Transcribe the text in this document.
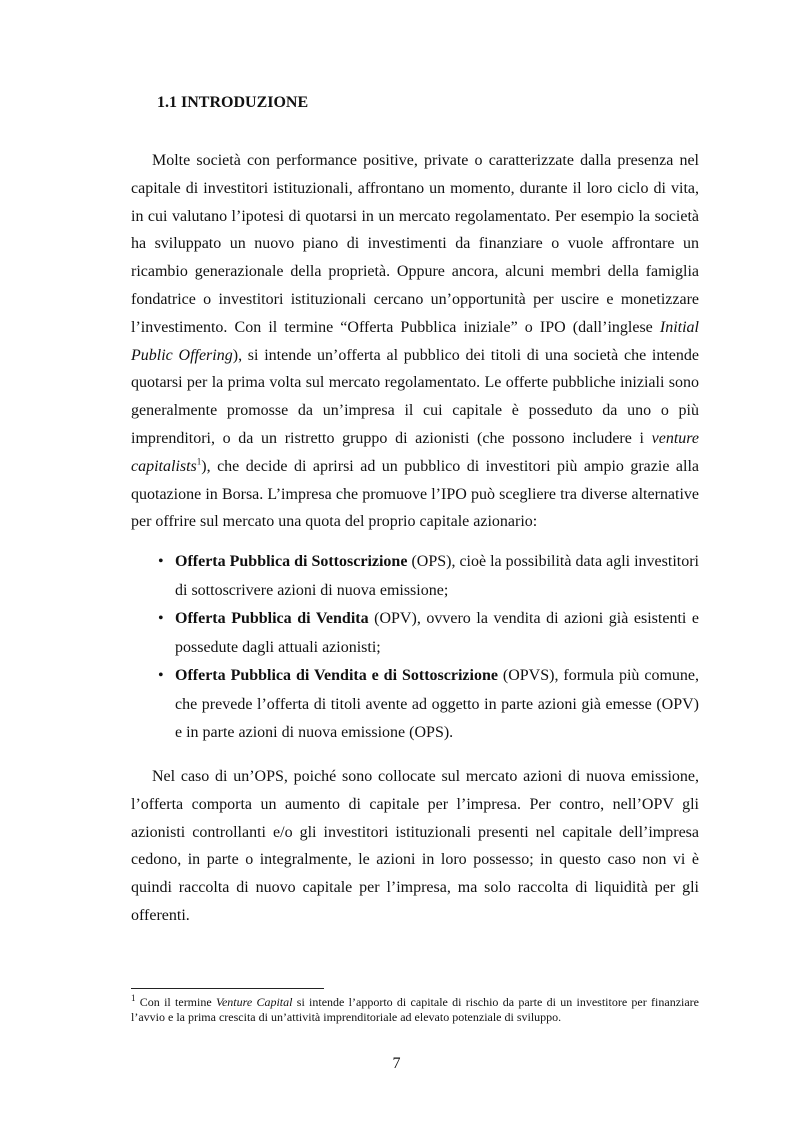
1.1 INTRODUZIONE

Molte società con performance positive, private o caratterizzate dalla presenza nel capitale di investitori istituzionali, affrontano un momento, durante il loro ciclo di vita, in cui valutano l’ipotesi di quotarsi in un mercato regolamentato. Per esempio la società ha sviluppato un nuovo piano di investimenti da finanziare o vuole affrontare un ricambio generazionale della proprietà. Oppure ancora, alcuni membri della famiglia fondatrice o investitori istituzionali cercano un’opportunità per uscire e monetizzare l’investimento. Con il termine “Offerta Pubblica iniziale” o IPO (dall’inglese Initial Public Offering), si intende un’offerta al pubblico dei titoli di una società che intende quotarsi per la prima volta sul mercato regolamentato. Le offerte pubbliche iniziali sono generalmente promosse da un’impresa il cui capitale è posseduto da uno o più imprenditori, o da un ristretto gruppo di azionisti (che possono includere i venture capitalists$^1$), che decide di aprirsi ad un pubblico di investitori più ampio grazie alla quotazione in Borsa. L’impresa che promuove l’IPO può scegliere tra diverse alternative per offrire sul mercato una quota del proprio capitale azionario:

• Offerta Pubblica di Sottoscrizione (OPS), cioè la possibilità data agli investitori di sottoscrivere azioni di nuova emissione;
• Offerta Pubblica di Vendita (OPV), ovvero la vendita di azioni già esistenti e possedute dagli attuali azionisti;
• Offerta Pubblica di Vendita e di Sottoscrizione (OPVS), formula più comune, che prevede l’offerta di titoli avente ad oggetto in parte azioni già emesse (OPV) e in parte azioni di nuova emissione (OPS).

Nel caso di un’OPS, poiché sono collocate sul mercato azioni di nuova emissione, l’offerta comporta un aumento di capitale per l’impresa. Per contro, nell’OPV gli azionisti controllanti e/o gli investitori istituzionali presenti nel capitale dell’impresa cedono, in parte o integralmente, le azioni in loro possesso; in questo caso non vi è quindi raccolta di nuovo capitale per l’impresa, ma solo raccolta di liquidità per gli offerenti.

$^1$ Con il termine Venture Capital si intende l’apporto di capitale di rischio da parte di un investitore per finanziare l’avvio e la prima crescita di un’attività imprenditoriale ad elevato potenziale di sviluppo.

7
